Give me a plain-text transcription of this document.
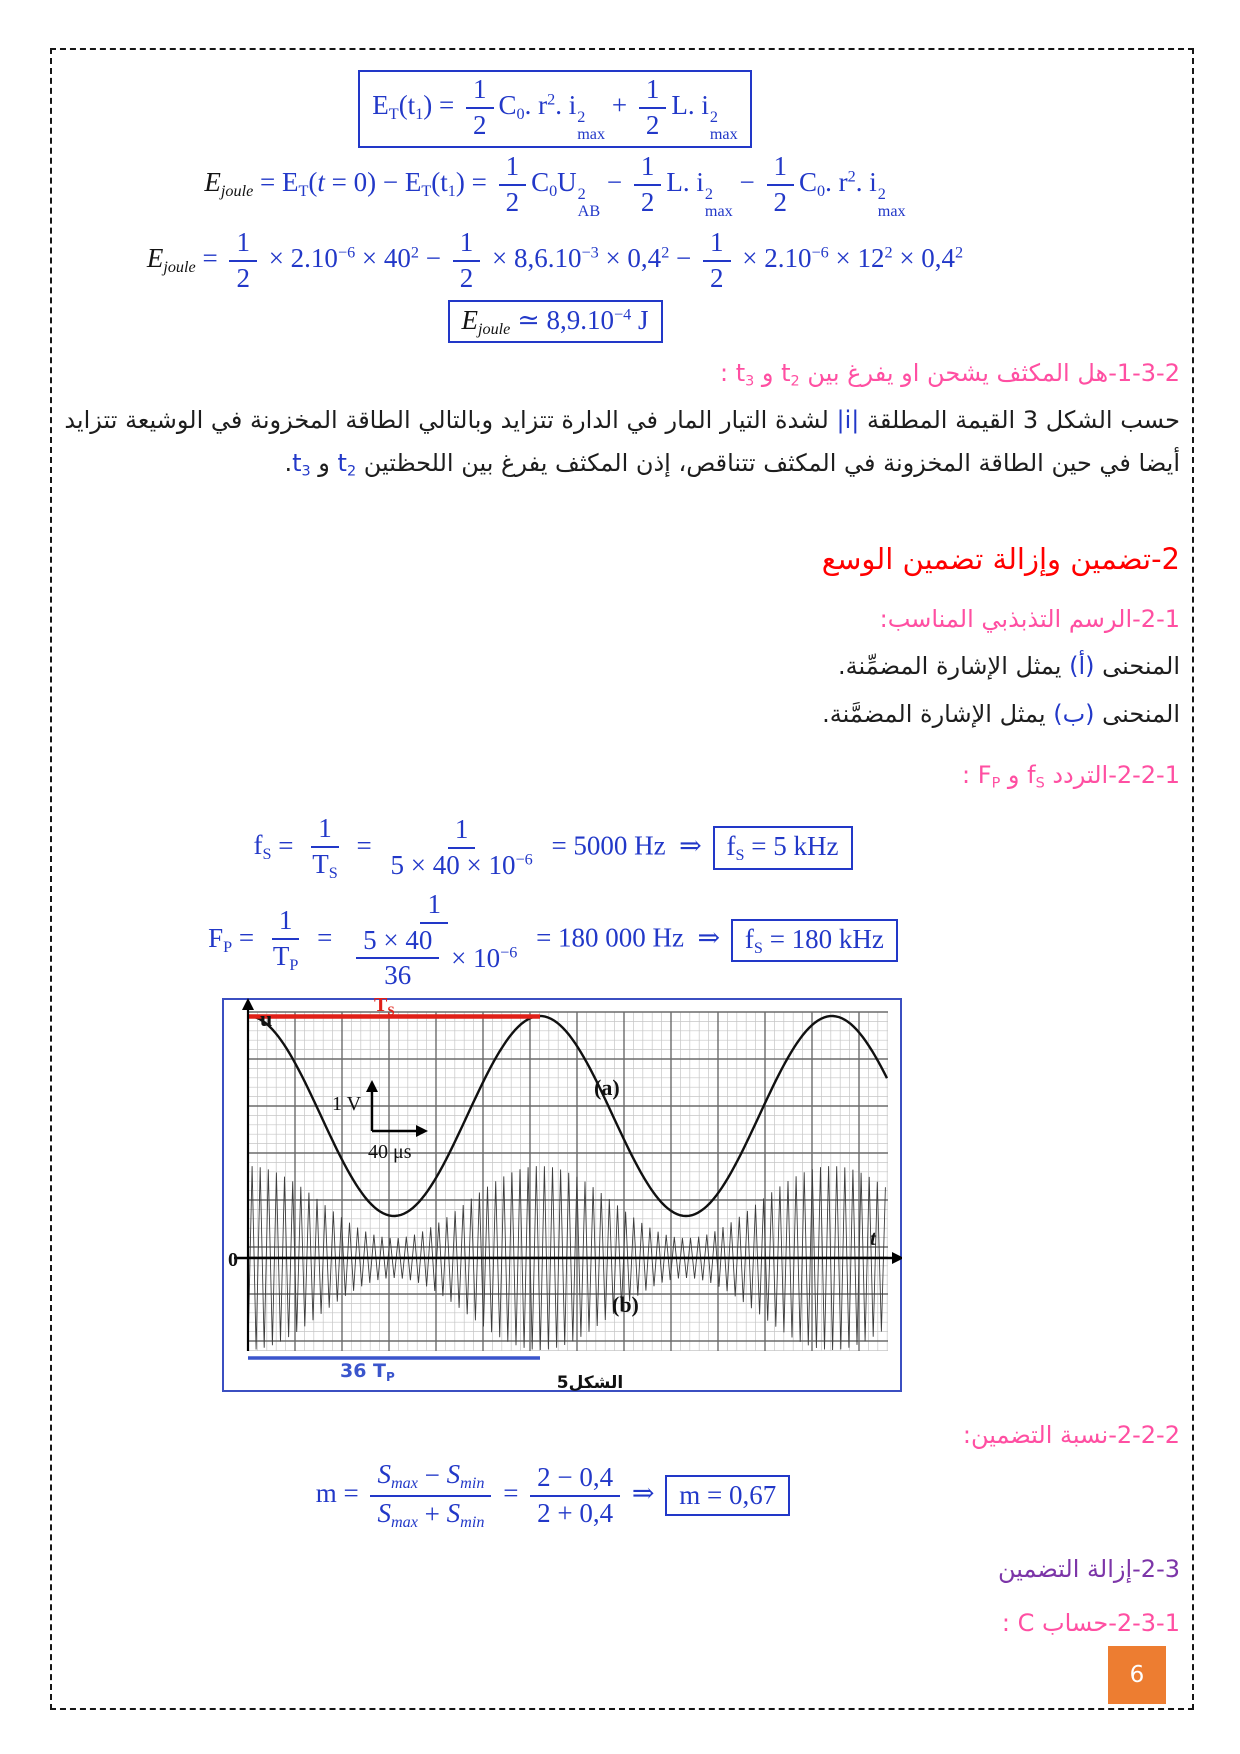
$E_T(t_1) = \frac{1}{2} C_0$. $r^2$. i 2
max
+ $\frac{1}{2} L$. i 2
max
$E_{joule} = E_T(t = 0) - E_T(t_1) = \frac{1}{2} C_0U$ 2
AB
− $\frac{1}{2} L$. i 2
max
− $\frac{1}{2} C_0$. $r^2$. i 2
max
$E_{joule} = \frac{1}{2} \times 2.10^{-6} \times 40^2 - \frac{1}{2} \times 8,6.10^{-3} \times 0,4^2 - \frac{1}{2} \times 2.10^{-6} \times 12^2 \times 0,4^2$
$E_{joule}$ ≃ $8,9.10^{-4}$ J
1-3-2-هل المكثف يشحن او يفرغ بين $t_2$ و $t_3$ :
حسب الشكل 3 القيمة المطلقة |i| لشدة التيار المار في الدارة تتزايد وبالتالي الطاقة المخزونة في الوشيعة تتزايد
أيضا في حين الطاقة المخزونة في المكثف تتناقص، إذن المكثف يفرغ بين اللحظتين $t_2$ و $t_3$.
2-تضمين وإزالة تضمين الوسع
2-1-الرسم التذبذبي المناسب:
المنحنى (أ) يمثل الإشارة المضمِّنة.
المنحنى (ب) يمثل الإشارة المضمَّنة.
2-2-1-التردد $f_S$ و $F_P$ :
$f_S = \frac{1}{T_S} = \frac{1}{5 \times 40 \times 10^{-6}} = 5000$ Hz  ⇒ $f_S = 5$ kHz
$F_P = \frac{1}{T_P} = \frac{1}{\frac{5 \times 40}{36} \times 10^{-6}} = 180$ 000 Hz  ⇒ $f_S = 180$ kHz
$T_S$
u
t
0
1 V
40 μs
(a)
(b)
36 $T_P$	الشكل5
2-2-2-نسبة التضمين:
$m = \frac{S_{max} - S_{min}}{S_{max} + S_{min}} = \frac{2 - 0,4}{2 + 0,4}$ ⇒ m = 0,67
2-3-إزالة التضمين
2-3-1-حساب C :
6
